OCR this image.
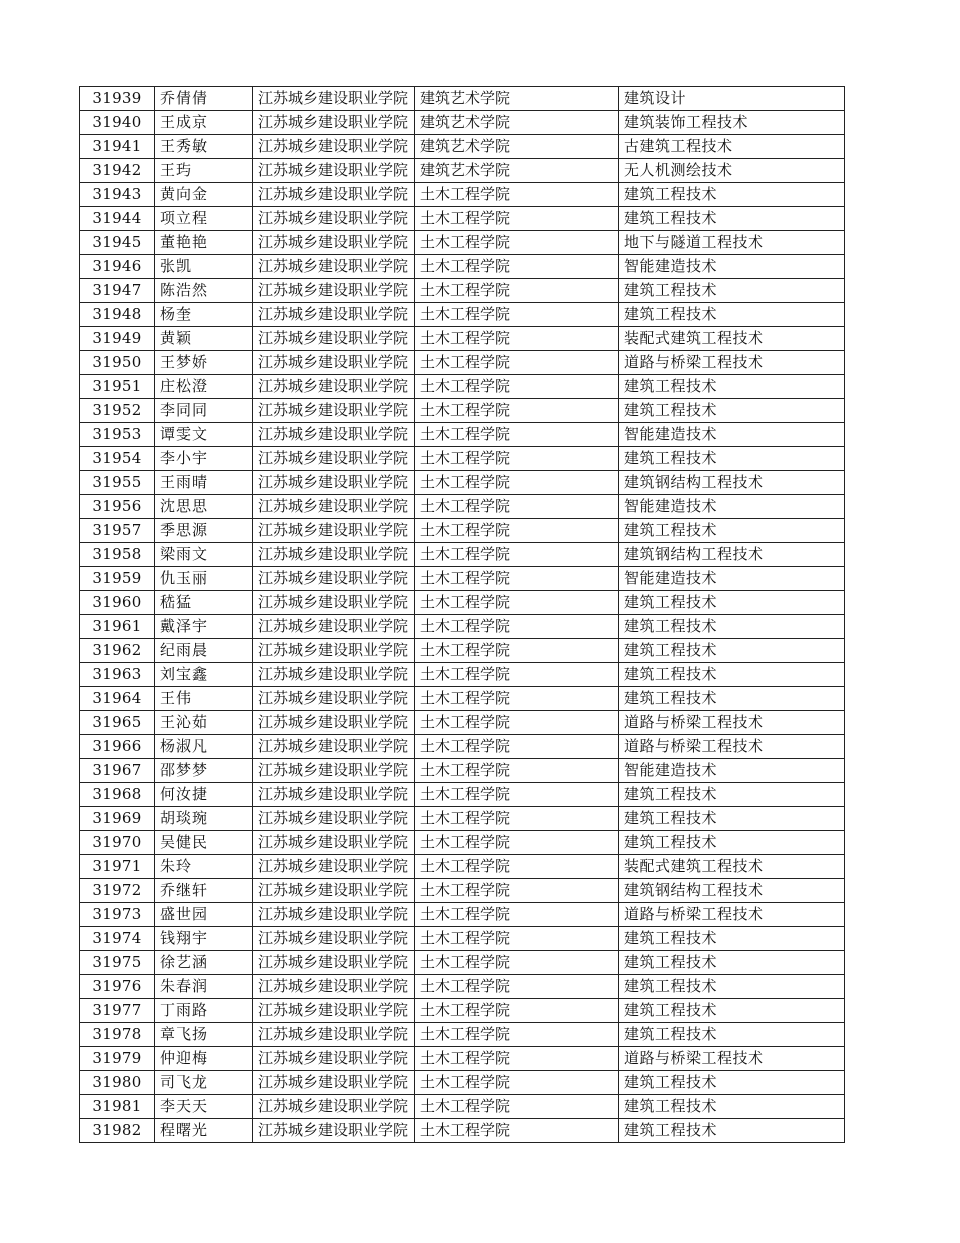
31939	乔倩倩	江苏城乡建设职业学院	建筑艺术学院	建筑设计
31940	王成京	江苏城乡建设职业学院	建筑艺术学院	建筑装饰工程技术
31941	王秀敏	江苏城乡建设职业学院	建筑艺术学院	古建筑工程技术
31942	王玙	江苏城乡建设职业学院	建筑艺术学院	无人机测绘技术
31943	黄向金	江苏城乡建设职业学院	土木工程学院	建筑工程技术
31944	项立程	江苏城乡建设职业学院	土木工程学院	建筑工程技术
31945	董艳艳	江苏城乡建设职业学院	土木工程学院	地下与隧道工程技术
31946	张凯	江苏城乡建设职业学院	土木工程学院	智能建造技术
31947	陈浩然	江苏城乡建设职业学院	土木工程学院	建筑工程技术
31948	杨奎	江苏城乡建设职业学院	土木工程学院	建筑工程技术
31949	黄颖	江苏城乡建设职业学院	土木工程学院	装配式建筑工程技术
31950	王梦娇	江苏城乡建设职业学院	土木工程学院	道路与桥梁工程技术
31951	庄松澄	江苏城乡建设职业学院	土木工程学院	建筑工程技术
31952	李同同	江苏城乡建设职业学院	土木工程学院	建筑工程技术
31953	谭雯文	江苏城乡建设职业学院	土木工程学院	智能建造技术
31954	李小宇	江苏城乡建设职业学院	土木工程学院	建筑工程技术
31955	王雨晴	江苏城乡建设职业学院	土木工程学院	建筑钢结构工程技术
31956	沈思思	江苏城乡建设职业学院	土木工程学院	智能建造技术
31957	季思源	江苏城乡建设职业学院	土木工程学院	建筑工程技术
31958	梁雨文	江苏城乡建设职业学院	土木工程学院	建筑钢结构工程技术
31959	仇玉丽	江苏城乡建设职业学院	土木工程学院	智能建造技术
31960	嵇猛	江苏城乡建设职业学院	土木工程学院	建筑工程技术
31961	戴泽宇	江苏城乡建设职业学院	土木工程学院	建筑工程技术
31962	纪雨晨	江苏城乡建设职业学院	土木工程学院	建筑工程技术
31963	刘宝鑫	江苏城乡建设职业学院	土木工程学院	建筑工程技术
31964	王伟	江苏城乡建设职业学院	土木工程学院	建筑工程技术
31965	王沁茹	江苏城乡建设职业学院	土木工程学院	道路与桥梁工程技术
31966	杨淑凡	江苏城乡建设职业学院	土木工程学院	道路与桥梁工程技术
31967	邵梦梦	江苏城乡建设职业学院	土木工程学院	智能建造技术
31968	何汝捷	江苏城乡建设职业学院	土木工程学院	建筑工程技术
31969	胡琰琬	江苏城乡建设职业学院	土木工程学院	建筑工程技术
31970	吴健民	江苏城乡建设职业学院	土木工程学院	建筑工程技术
31971	朱玲	江苏城乡建设职业学院	土木工程学院	装配式建筑工程技术
31972	乔继轩	江苏城乡建设职业学院	土木工程学院	建筑钢结构工程技术
31973	盛世园	江苏城乡建设职业学院	土木工程学院	道路与桥梁工程技术
31974	钱翔宇	江苏城乡建设职业学院	土木工程学院	建筑工程技术
31975	徐艺涵	江苏城乡建设职业学院	土木工程学院	建筑工程技术
31976	朱春润	江苏城乡建设职业学院	土木工程学院	建筑工程技术
31977	丁雨路	江苏城乡建设职业学院	土木工程学院	建筑工程技术
31978	章飞扬	江苏城乡建设职业学院	土木工程学院	建筑工程技术
31979	仲迎梅	江苏城乡建设职业学院	土木工程学院	道路与桥梁工程技术
31980	司飞龙	江苏城乡建设职业学院	土木工程学院	建筑工程技术
31981	李天天	江苏城乡建设职业学院	土木工程学院	建筑工程技术
31982	程曙光	江苏城乡建设职业学院	土木工程学院	建筑工程技术
